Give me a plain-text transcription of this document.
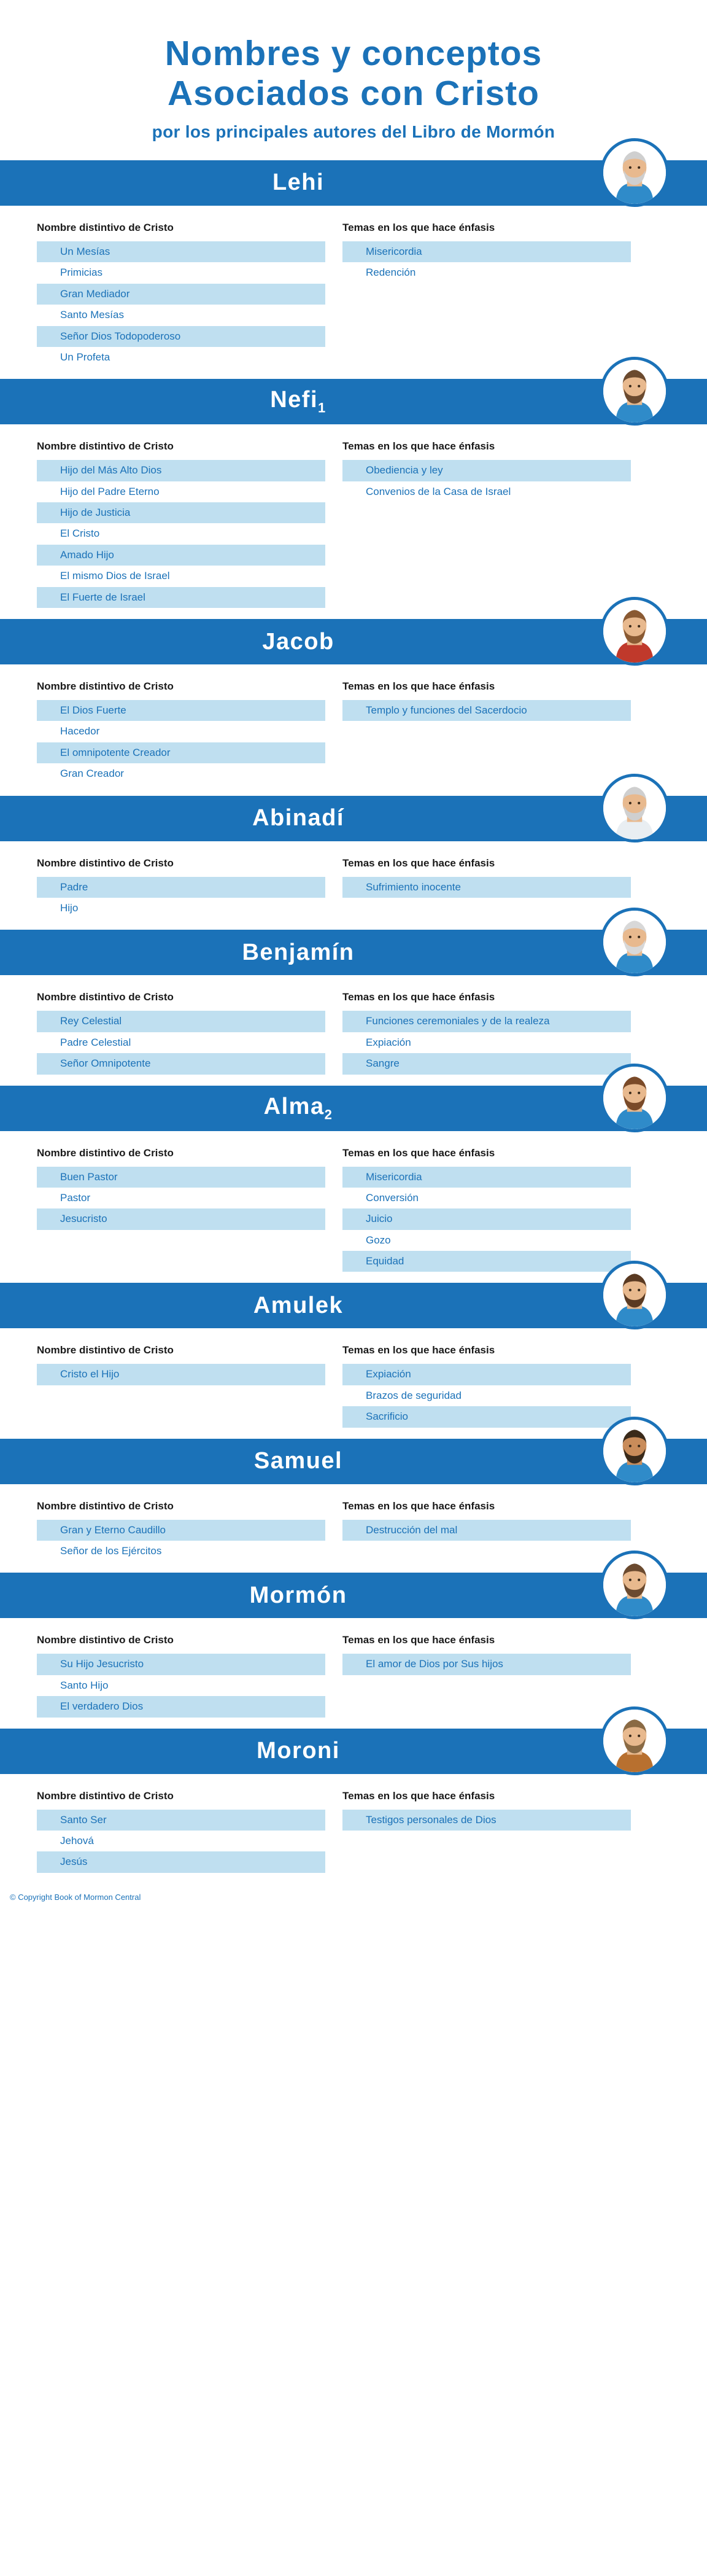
Nombres y conceptos
Asociados con Cristo
por los principales autores del Libro de Mormón
Lehi
Nombre distintivo de Cristo
Un Mesías
Primicias
Gran Mediador
Santo Mesías
Señor Dios Todopoderoso
Un Profeta
Temas en los que hace énfasis
Misericordia
Redención
Nefi$_1$
Nombre distintivo de Cristo
Hijo del Más Alto Dios
Hijo del Padre Eterno
Hijo de Justicia
El Cristo
Amado Hijo
El mismo Dios de Israel
El Fuerte de Israel
Temas en los que hace énfasis
Obediencia y ley
Convenios de la Casa de Israel
Jacob
Nombre distintivo de Cristo
El Dios Fuerte
Hacedor
El omnipotente Creador
Gran Creador
Temas en los que hace énfasis
Templo y funciones del Sacerdocio
Abinadí
Nombre distintivo de Cristo
Padre
Hijo
Temas en los que hace énfasis
Sufrimiento inocente
Benjamín
Nombre distintivo de Cristo
Rey Celestial
Padre Celestial
Señor Omnipotente
Temas en los que hace énfasis
Funciones ceremoniales y de la realeza
Expiación
Sangre
Alma$_2$
Nombre distintivo de Cristo
Buen Pastor
Pastor
Jesucristo
Temas en los que hace énfasis
Misericordia
Conversión
Juicio
Gozo
Equidad
Amulek
Nombre distintivo de Cristo
Cristo el Hijo
Temas en los que hace énfasis
Expiación
Brazos de seguridad
Sacrificio
Samuel
Nombre distintivo de Cristo
Gran y Eterno Caudillo
Señor de los Ejércitos
Temas en los que hace énfasis
Destrucción del mal
Mormón
Nombre distintivo de Cristo
Su Hijo Jesucristo
Santo Hijo
El verdadero Dios
Temas en los que hace énfasis
El amor de Dios por Sus hijos
Moroni
Nombre distintivo de Cristo
Santo Ser
Jehová
Jesús
Temas en los que hace énfasis
Testigos personales de Dios
© Copyright Book of Mormon Central
